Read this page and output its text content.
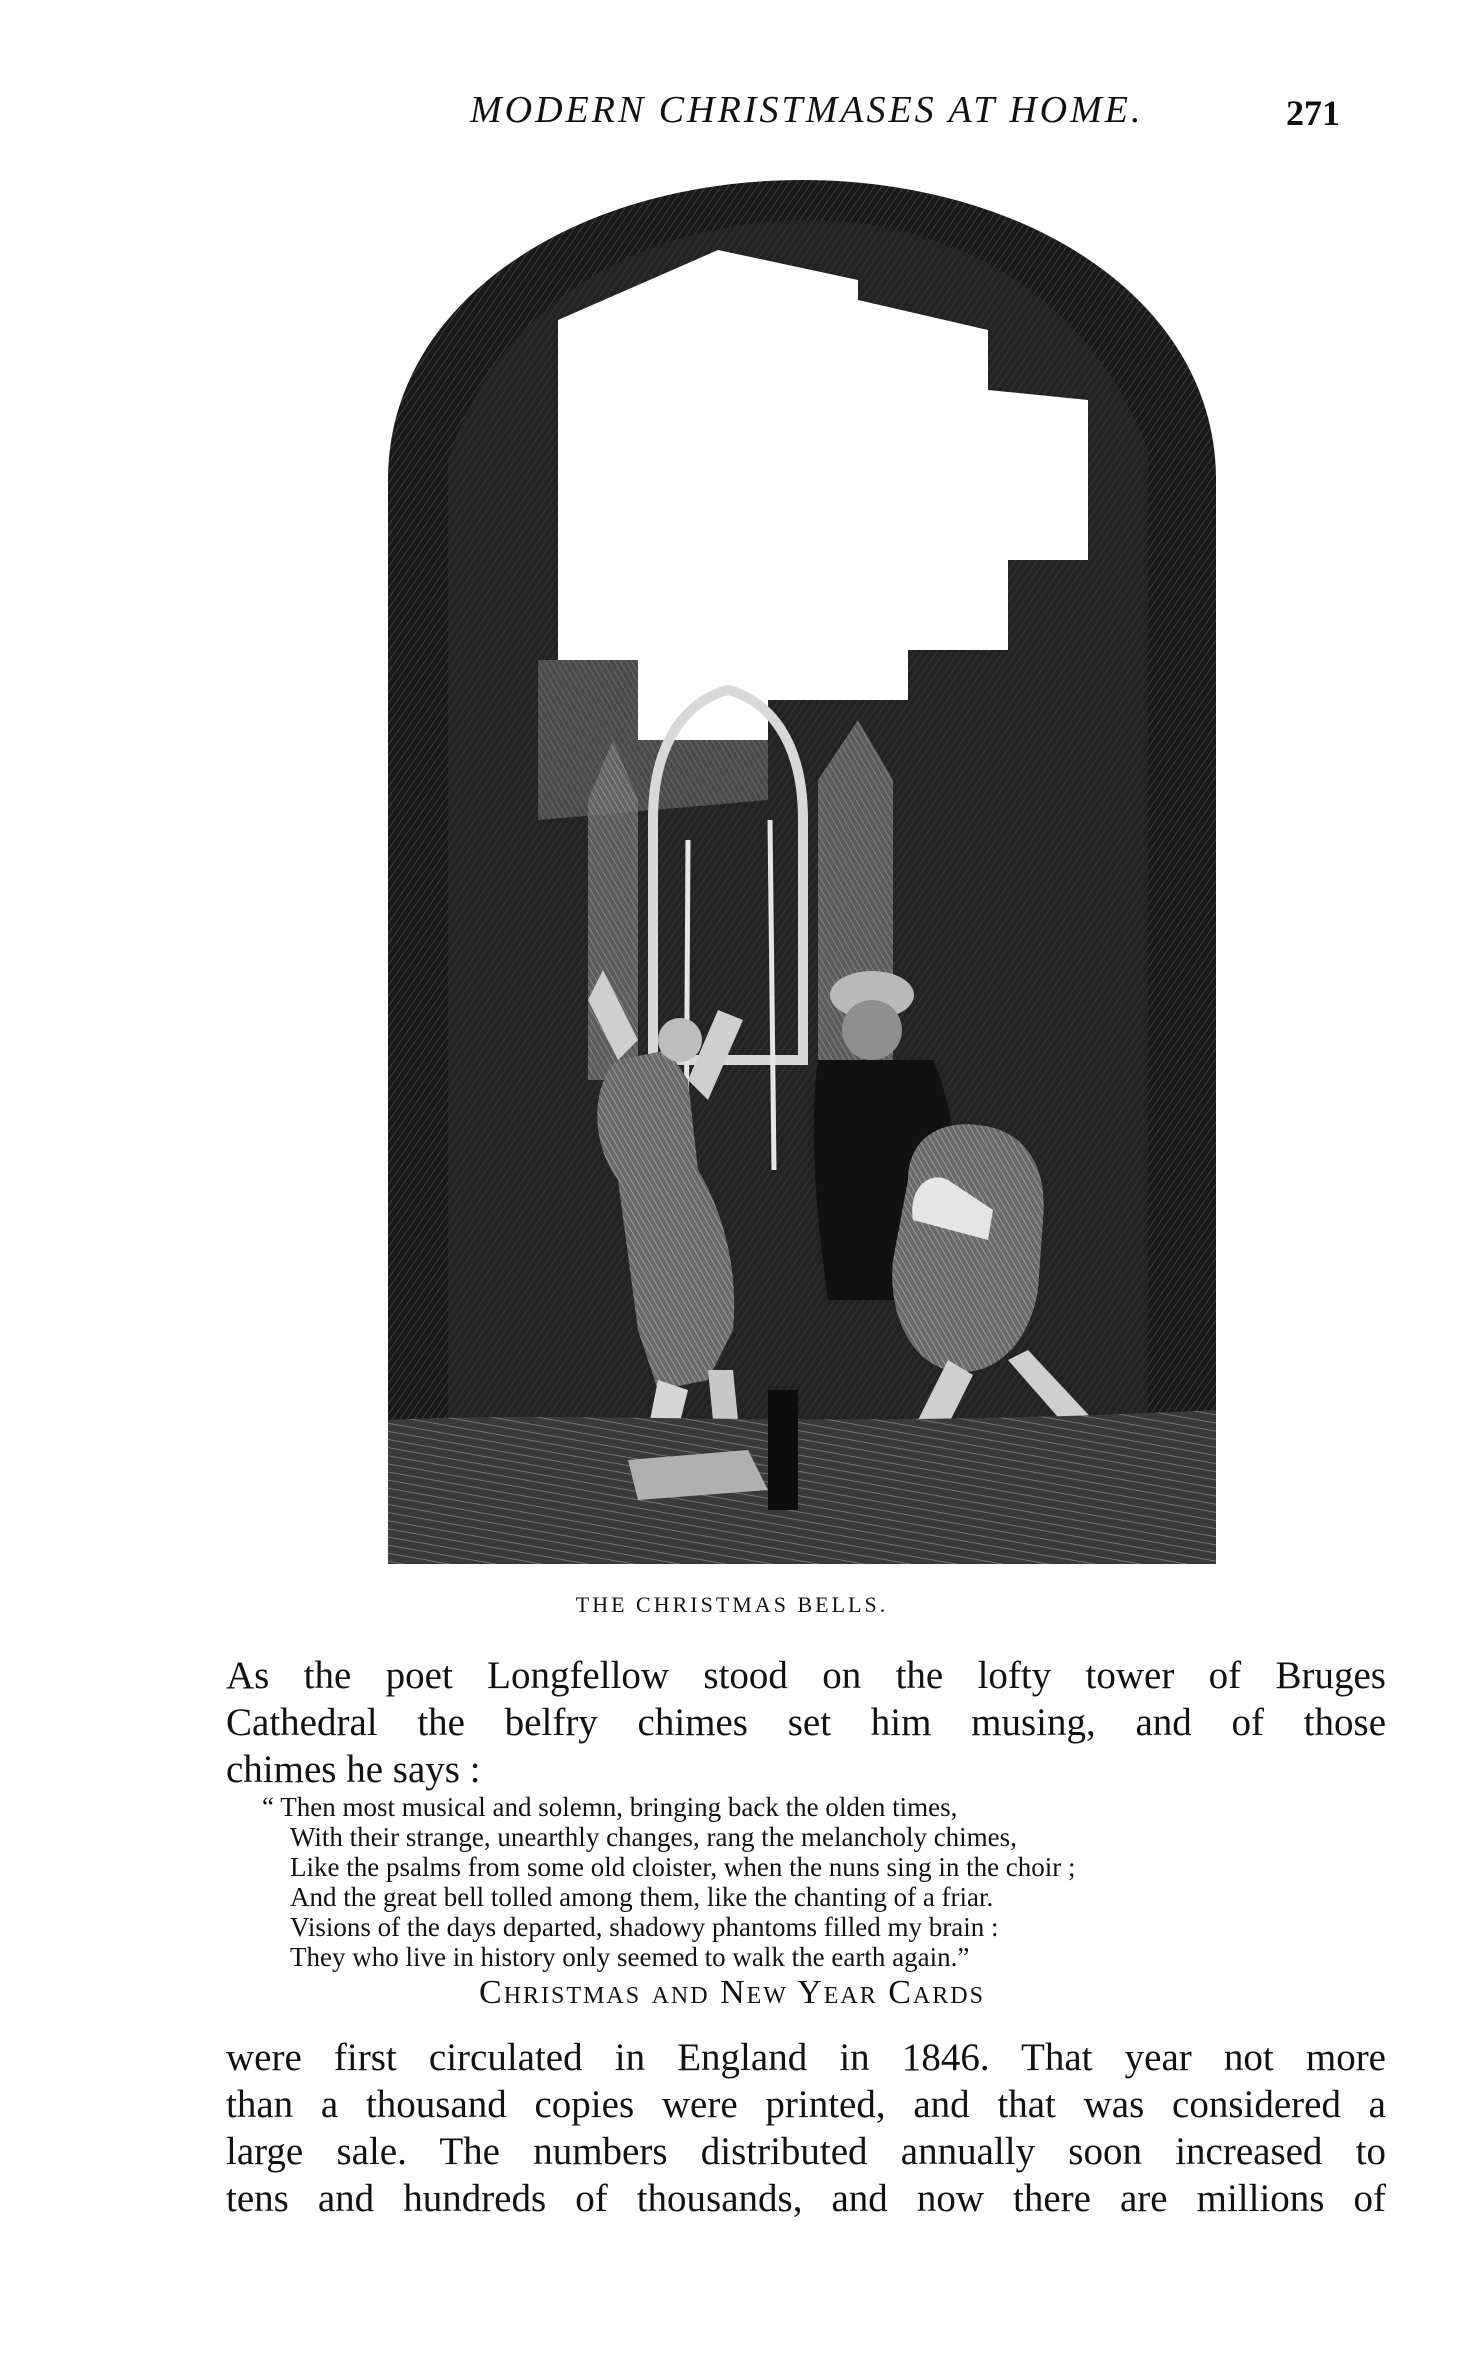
MODERN CHRISTMASES AT HOME.	271
THE CHRISTMAS BELLS.

As the poet Longfellow stood on the lofty tower of Bruges
Cathedral the belfry chimes set him musing, and of those
chimes he says :

“ Then most musical and solemn, bringing back the olden times,
With their strange, unearthly changes, rang the melancholy chimes,
Like the psalms from some old cloister, when the nuns sing in the choir ;
And the great bell tolled among them, like the chanting of a friar.
Visions of the days departed, shadowy phantoms filled my brain :
They who live in history only seemed to walk the earth again.”
Christmas and New Year Cards

were first circulated in England in 1846. That year not more
than a thousand copies were printed, and that was considered a
large sale. The numbers distributed annually soon increased to
tens and hundreds of thousands, and now there are millions of
